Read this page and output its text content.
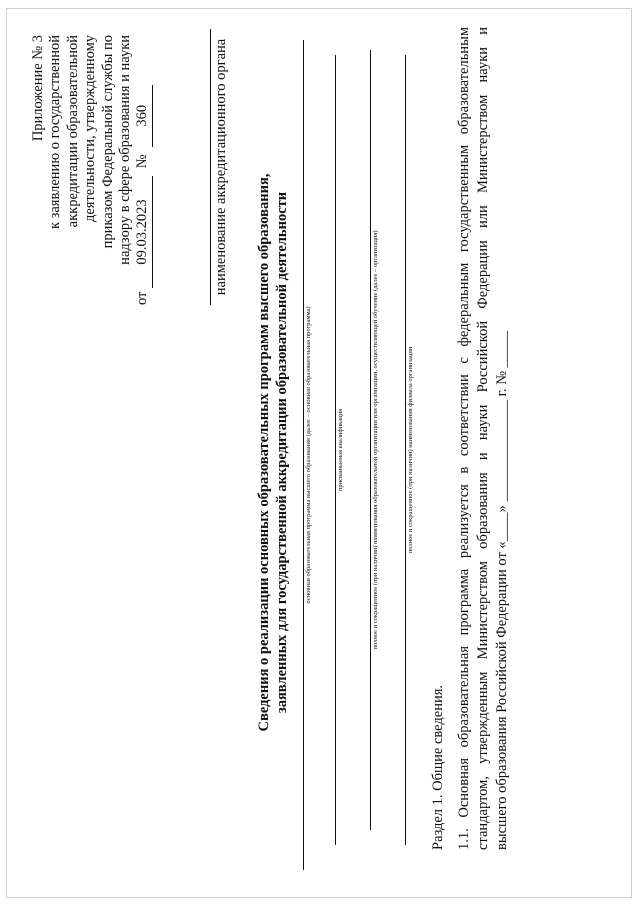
Приложение № 3 к заявлению о государственной аккредитации образовательной деятельности, утвержденному приказом Федеральной службы по надзору в сфере образования и науки
от 09.03.2023 № 360	наименование аккредитационного органа
Сведения о реализации основных образовательных программ высшего образования, заявленных для государственной аккредитации образовательной деятельности	основная образовательная программа высшего образования (далее – основная образовательная программа)	присваиваемая квалификация	полное и сокращенное (при наличии) наименования образовательной организации или организации, осуществляющей обучение (далее – организация)	полное и сокращенное (при наличии) наименования филиала организации
Раздел 1. Общие сведения. 1.1. Основная образовательная программа реализуется в соответствии с федеральным государственным образовательным стандартом, утвержденным Министерством образования и науки Российской Федерации или Министерством науки и высшего образования Российской Федерации от «____» ______________ г. № _____
